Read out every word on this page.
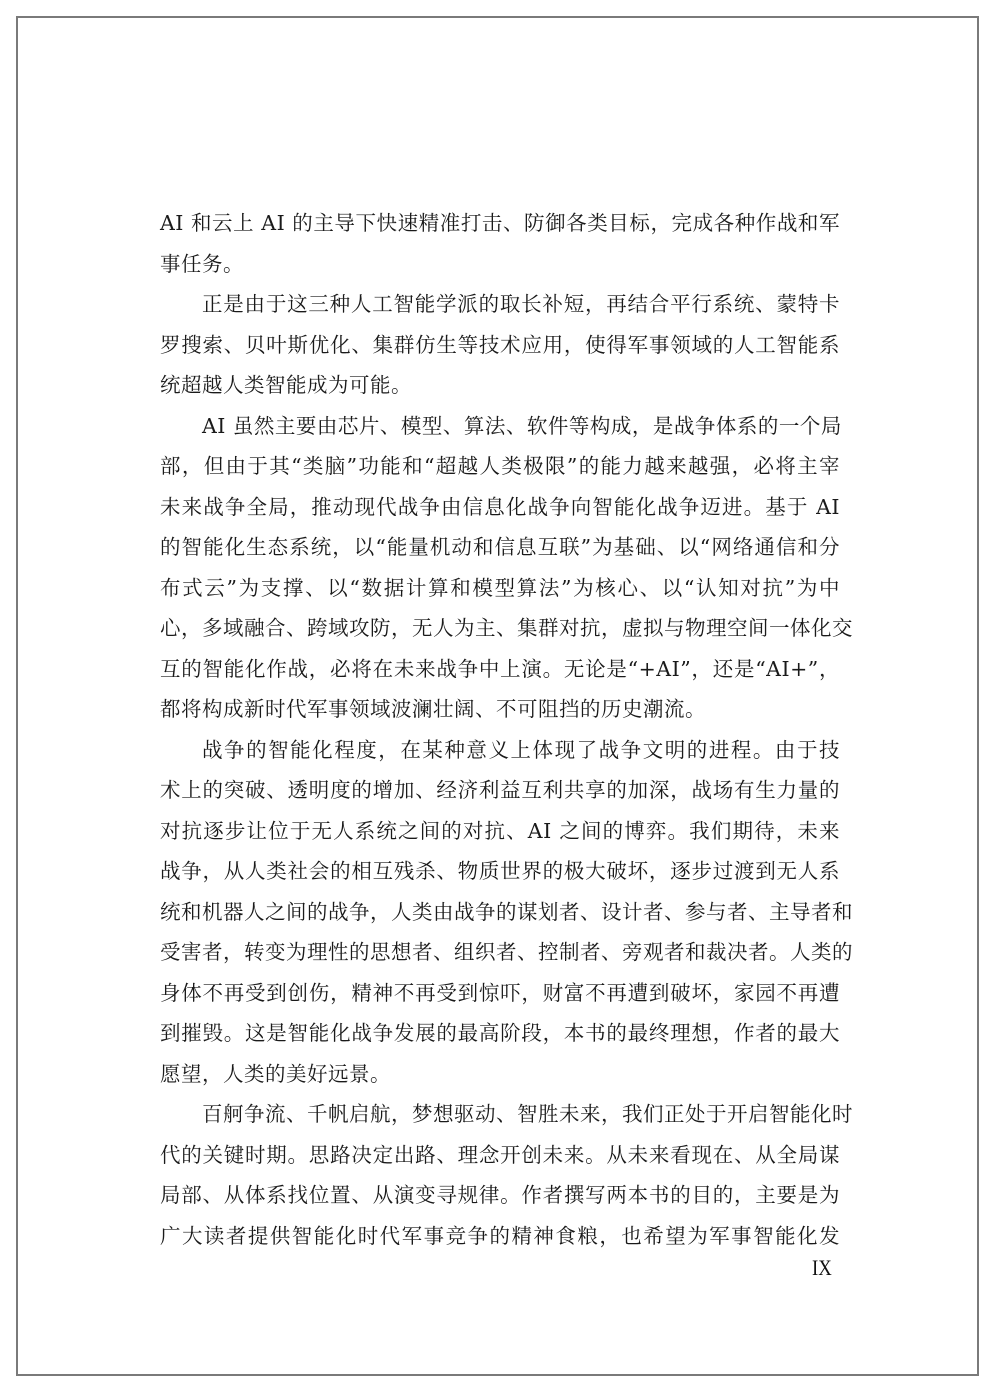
AI 和云上 AI 的主导下快速精准打击、防御各类目标，完成各种作战和军
事任务。
正是由于这三种人工智能学派的取长补短，再结合平行系统、蒙特卡
罗搜索、贝叶斯优化、集群仿生等技术应用，使得军事领域的人工智能系
统超越人类智能成为可能。
AI 虽然主要由芯片、模型、算法、软件等构成，是战争体系的一个局
部，但由于其“类脑”功能和“超越人类极限”的能力越来越强，必将主宰
未来战争全局，推动现代战争由信息化战争向智能化战争迈进。基于 AI
的智能化生态系统，以“能量机动和信息互联”为基础、以“网络通信和分
布式云”为支撑、以“数据计算和模型算法”为核心、以“认知对抗”为中
心，多域融合、跨域攻防，无人为主、集群对抗，虚拟与物理空间一体化交
互的智能化作战，必将在未来战争中上演。无论是“+AI”，还是“AI+”，
都将构成新时代军事领域波澜壮阔、不可阻挡的历史潮流。
战争的智能化程度，在某种意义上体现了战争文明的进程。由于技
术上的突破、透明度的增加、经济利益互利共享的加深，战场有生力量的
对抗逐步让位于无人系统之间的对抗、AI 之间的博弈。我们期待，未来
战争，从人类社会的相互残杀、物质世界的极大破坏，逐步过渡到无人系
统和机器人之间的战争，人类由战争的谋划者、设计者、参与者、主导者和
受害者，转变为理性的思想者、组织者、控制者、旁观者和裁决者。人类的
身体不再受到创伤，精神不再受到惊吓，财富不再遭到破坏，家园不再遭
到摧毁。这是智能化战争发展的最高阶段，本书的最终理想，作者的最大
愿望，人类的美好远景。
百舸争流、千帆启航，梦想驱动、智胜未来，我们正处于开启智能化时
代的关键时期。思路决定出路、理念开创未来。从未来看现在、从全局谋
局部、从体系找位置、从演变寻规律。作者撰写两本书的目的，主要是为
广大读者提供智能化时代军事竞争的精神食粮，也希望为军事智能化发
IX
